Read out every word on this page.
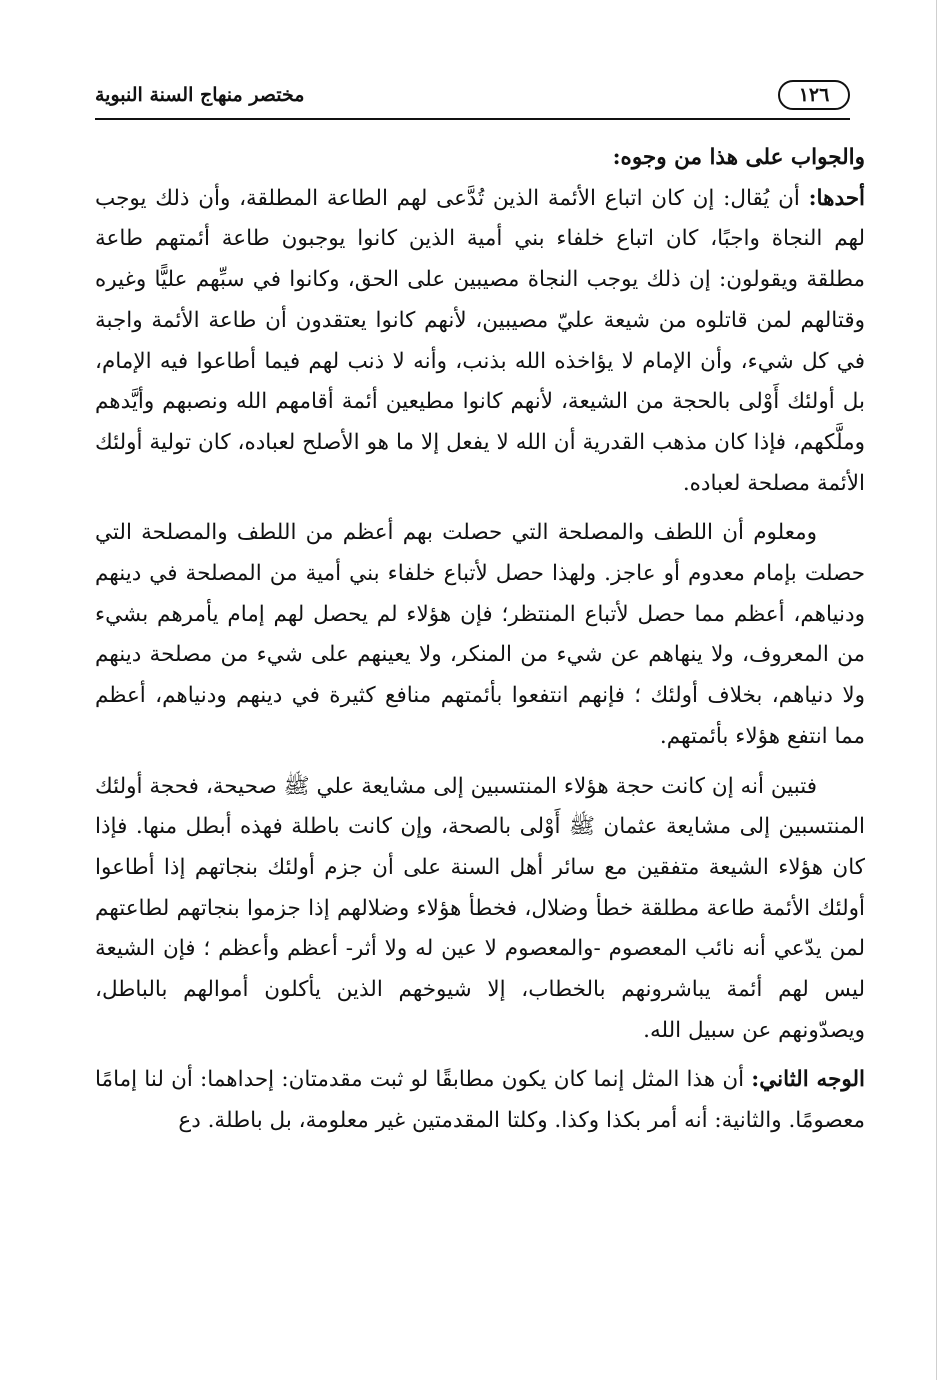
١٢٦
مختصر منهاج السنة النبوية

والجواب على هذا من وجوه:

أحدها: أن يُقال: إن كان اتباع الأئمة الذين تُدَّعى لهم الطاعة المطلقة، وأن ذلك يوجب لهم النجاة واجبًا، كان اتباع خلفاء بني أمية الذين كانوا يوجبون طاعة أئمتهم طاعة مطلقة ويقولون: إن ذلك يوجب النجاة مصيبين على الحق، وكانوا في سبِّهم عليًّا وغيره وقتالهم لمن قاتلوه من شيعة عليّ مصيبين، لأنهم كانوا يعتقدون أن طاعة الأئمة واجبة في كل شيء، وأن الإمام لا يؤاخذه الله بذنب، وأنه لا ذنب لهم فيما أطاعوا فيه الإمام، بل أولئك أَوْلى بالحجة من الشيعة، لأنهم كانوا مطيعين أئمة أقامهم الله ونصبهم وأيَّدهم وملَّكهم، فإذا كان مذهب القدرية أن الله لا يفعل إلا ما هو الأصلح لعباده، كان تولية أولئك الأئمة مصلحة لعباده.

ومعلوم أن اللطف والمصلحة التي حصلت بهم أعظم من اللطف والمصلحة التي حصلت بإمام معدوم أو عاجز. ولهذا حصل لأتباع خلفاء بني أمية من المصلحة في دينهم ودنياهم، أعظم مما حصل لأتباع المنتظر؛ فإن هؤلاء لم يحصل لهم إمام يأمرهم بشيء من المعروف، ولا ينهاهم عن شيء من المنكر، ولا يعينهم على شيء من مصلحة دينهم ولا دنياهم، بخلاف أولئك ؛ فإنهم انتفعوا بأئمتهم منافع كثيرة في دينهم ودنياهم، أعظم مما انتفع هؤلاء بأئمتهم.

فتبين أنه إن كانت حجة هؤلاء المنتسبين إلى مشايعة علي ﷺ صحيحة، فحجة أولئك المنتسبين إلى مشايعة عثمان ﷺ أَوْلى بالصحة، وإن كانت باطلة فهذه أبطل منها. فإذا كان هؤلاء الشيعة متفقين مع سائر أهل السنة على أن جزم أولئك بنجاتهم إذا أطاعوا أولئك الأئمة طاعة مطلقة خطأ وضلال، فخطأ هؤلاء وضلالهم إذا جزموا بنجاتهم لطاعتهم لمن يدّعي أنه نائب المعصوم -والمعصوم لا عين له ولا أثر- أعظم وأعظم ؛ فإن الشيعة ليس لهم أئمة يباشرونهم بالخطاب، إلا شيوخهم الذين يأكلون أموالهم بالباطل، ويصدّونهم عن سبيل الله.

الوجه الثاني: أن هذا المثل إنما كان يكون مطابقًا لو ثبت مقدمتان: إحداهما: أن لنا إمامًا معصومًا. والثانية: أنه أمر بكذا وكذا. وكلتا المقدمتين غير معلومة، بل باطلة. دع
